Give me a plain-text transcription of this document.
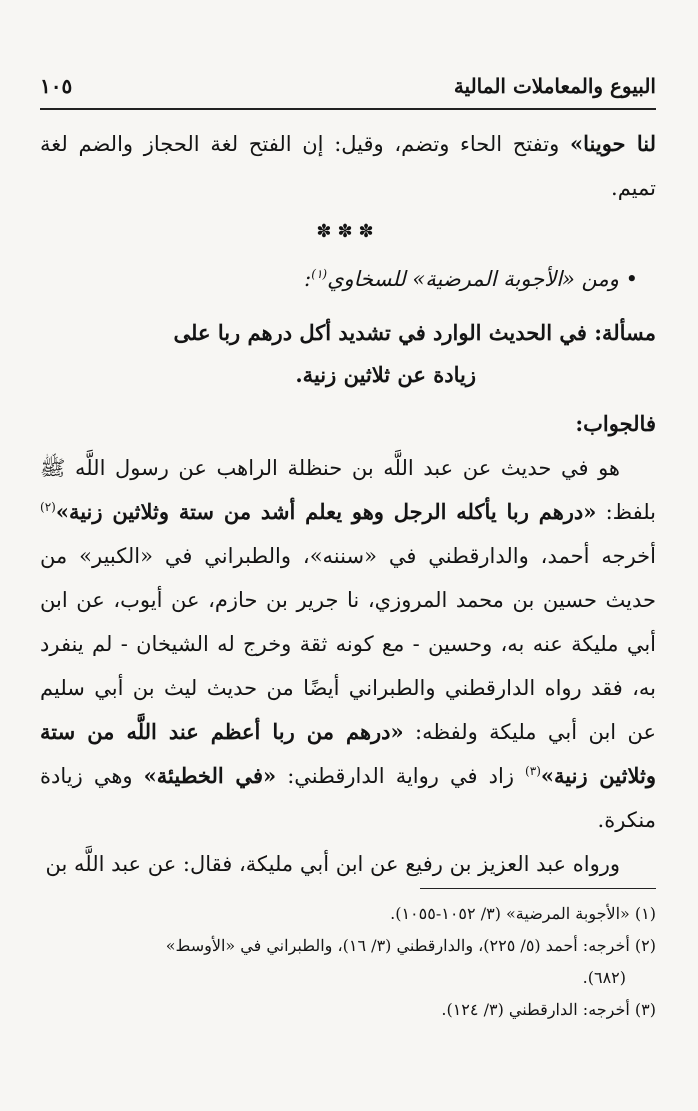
البيوع والمعاملات المالية
١٠٥

لنا حوينا» وتفتح الحاء وتضم، وقيل: إن الفتح لغة الحجاز والضم لغة تميم.

✽✽✽
• ومن «الأجوبة المرضية» للسخاوي$^{(١)}$:
مسألة: في الحديث الوارد في تشديد أكل درهم ربا على
زيادة عن ثلاثين زنية.
فالجواب:

هو في حديث عن عبد اللَّه بن حنظلة الراهب عن رسول اللَّه ﷺ بلفظ: «درهم ربا يأكله الرجل وهو يعلم أشد من ستة وثلاثين زنية»$^{(٢)}$ أخرجه أحمد، والدارقطني في «سننه»، والطبراني في «الكبير» من حديث حسين بن محمد المروزي، نا جرير بن حازم، عن أيوب، عن ابن أبي مليكة عنه به، وحسين - مع كونه ثقة وخرج له الشيخان - لم ينفرد به، فقد رواه الدارقطني والطبراني أيضًا من حديث ليث بن أبي سليم عن ابن أبي مليكة ولفظه: «درهم من ربا أعظم عند اللَّه من ستة وثلاثين زنية»$^{(٣)}$ زاد في رواية الدارقطني: «في الخطيئة» وهي زيادة منكرة.

ورواه عبد العزيز بن رفيع عن ابن أبي مليكة، فقال: عن عبد اللَّه بن

(١) «الأجوبة المرضية» (٣/ ١٠٥٢-١٠٥٥).

(٢) أخرجه: أحمد (٥/ ٢٢٥)، والدارقطني (٣/ ١٦)، والطبراني في «الأوسط»

(٦٨٢).

(٣) أخرجه: الدارقطني (٣/ ١٢٤).
